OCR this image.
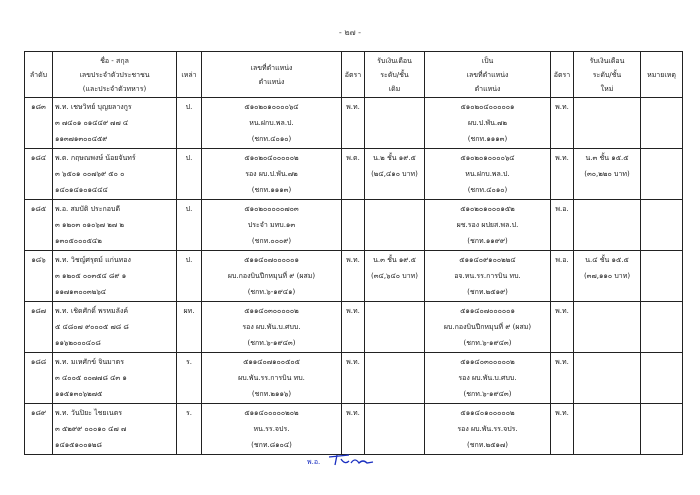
- ๒๗ -
ลำดับ	ชื่อ - สกุล
เลขประจำตัวประชาชน
(และประจำตัวทหาร)	เหล่า	เลขที่ตำแหน่ง
ตำแหน่ง	อัตรา	รับเงินเดือน
ระดับ/ชั้น
เดิม	เป็น
เลขที่ตำแหน่ง
ตำแหน่ง	อัตรา	รับเงินเดือน
ระดับ/ชั้น
ใหม่	หมายเหตุ
๑๘๓	พ.ท. เชษวิทย์ บุญยลางกูร
๓ ๗๔๐๑ ๐๑๔๔๙ ๗๗ ๔
๑๑๓๗๑๓๐๐๔๕๙	ป.	๕๑๐๒๐๑๐๐๐๐๖๔
หน.ฝกบ.พล.ป.
(ชกท.๔๐๑๐)	พ.ท.		๕๑๐๒๐๔๐๐๐๐๐๑
ผบ.ป.พัน.๗๒
(ชกท.๑๑๑๓)	พ.ท.	

๑๘๔	พ.ต. กฤษณพงษ์ น้อยจันทร์
๓ ๖๕๐๑ ๐๐๗๖๙ ๕๐ ๐
๑๔๐๑๔๑๐๑๔๔๔	ป.	๕๑๐๒๐๔๐๐๐๐๐๒
รอง ผบ.ป.พัน.๗๒
(ชกท.๑๑๑๓)	พ.ต.	น.๒ ชั้น ๑๙.๕
(๒๔,๔๑๐ บาท)	๕๑๐๒๐๑๐๐๐๐๖๔
หน.ฝกบ.พล.ป.
(ชกท.๔๐๑๐)	พ.ท.	น.๓ ชั้น ๑๕.๕
(๓๐,๒๒๐ บาท)	

๑๘๕	พ.อ. สมบัติ ประกอบดี
๓ ๑๒๐๓ ๐๑๐๖๗ ๒๗ ๒
๑๓๐๕๐๐๐๕๔๒	ป.	๕๑๐๒๐๐๐๐๐๗๐๓
ประจำ มทบ.๑๓
(ชกท.๐๐๐๙)			๕๑๐๒๐๑๐๐๐๑๕๒
ผช.รอง ผปยส.พล.ป.
(ชกท.๑๑๙๙)	พ.อ.	

๑๘๖	พ.ท. วิชญ์ศรุตม์ แก่นทอง
๓ ๑๒๐๕ ๐๐๓๕๔ ๘๙ ๑
๑๑๗๑๓๐๐๓๒๖๔	ป.	๕๑๑๔๐๗๐๐๐๐๐๑
ผบ.กองบินปีกหมุนที่ ๙ (ผสม)
(ชกท.๖-๑๙๔๑)	พ.ท.	น.๓ ชั้น ๑๙.๕
(๓๔,๖๔๐ บาท)	๕๑๑๔๐๙๑๐๐๒๒๔
อจ.หน.รร.การบิน ทบ.
(ชกท.๒๕๑๙)	พ.อ.	น.๔ ชั้น ๑๕.๕
(๓๗,๑๑๐ บาท)	

๑๘๗	พ.ท. เชิดศักดิ์ พรหมลังค์
๕ ๔๘๐๗ ๙๐๐๐๕ ๗๘ ๘
๑๑๖๒๐๐๐๔๐๘	ผท.	๕๑๑๔๐๓๐๐๐๐๐๒
รอง ผบ.พัน.บ.ศบบ.
(ชกท.๖-๑๙๔๓)	พ.ท.		๕๑๑๔๐๗๐๐๐๐๐๑
ผบ.กองบินปีกหมุนที่ ๙ (ผสม)
(ชกท.๖-๑๙๔๓)	พ.ท.	

๑๘๘	พ.ท. มเหศักข์ จินมาตร
๓ ๔๐๐๕ ๐๐๗๗๘ ๔๓ ๑
๑๑๕๑๓๐๖๒๗๕	ร.	๕๑๑๔๐๗๑๐๐๕๐๕
ผบ.พัน.รร.การบิน ทบ.
(ชกท.๒๑๑๖)	พ.ท.		๕๑๑๔๐๓๐๐๐๐๐๒
รอง ผบ.พัน.บ.ศบบ.
(ชกท.๖-๑๙๔๓)	พ.ท.	

๑๘๙	พ.ท. วันปิยะ ไชยเนตร
๓ ๕๒๙๙ ๐๐๐๑๐ ๔๗ ๗
๑๔๑๕๑๐๐๑๒๘	ร.	๕๑๑๔๐๐๐๐๐๒๐๒
หน.รร.จปร.
(ชกท.๘๑๐๔)	พ.ท.		๕๑๑๔๐๑๐๐๐๐๐๒
รอง ผบ.พัน.รร.จปร.
(ชกท.๒๕๑๗)	พ.ท.	

พ.อ.
